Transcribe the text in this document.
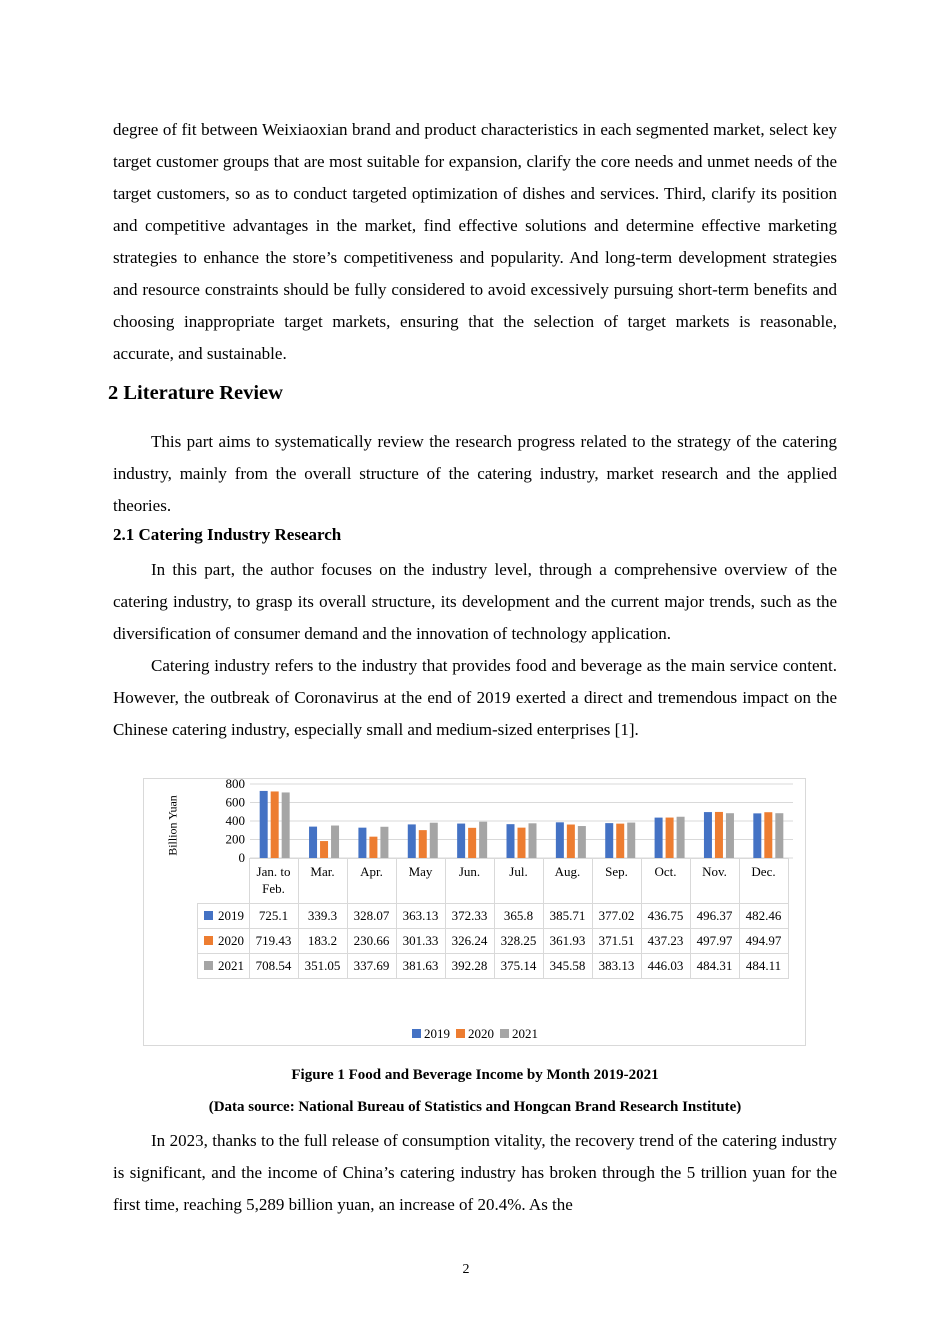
degree of fit between Weixiaoxian brand and product characteristics in each segmented market, select key target customer groups that are most suitable for expansion, clarify the core needs and unmet needs of the target customers, so as to conduct targeted optimization of dishes and services. Third, clarify its position and competitive advantages in the market, find effective solutions and determine effective marketing strategies to enhance the store’s competitiveness and popularity. And long-term development strategies and resource constraints should be fully considered to avoid excessively pursuing short-term benefits and choosing inappropriate target markets, ensuring that the selection of target markets is reasonable, accurate, and sustainable.

2 Literature Review

This part aims to systematically review the research progress related to the strategy of the catering industry, mainly from the overall structure of the catering industry, market research and the applied theories.

2.1 Catering Industry Research

In this part, the author focuses on the industry level, through a comprehensive overview of the catering industry, to grasp its overall structure, its development and the current major trends, such as the diversification of consumer demand and the innovation of technology application.

Catering industry refers to the industry that provides food and beverage as the main service content. However, the outbreak of Coronavirus at the end of 2019 exerted a direct and tremendous impact on the Chinese catering industry, especially small and medium-sized enterprises [1].

0
200
400
600
800
Billion Yuan
	Jan. to
Feb.	Mar.	Apr.	May	Jun.	Jul.	Aug.	Sep.	Oct.	Nov.	Dec.
2019	725.1	339.3	328.07	363.13	372.33	365.8	385.71	377.02	436.75	496.37	482.46
2020	719.43	183.2	230.66	301.33	326.24	328.25	361.93	371.51	437.23	497.97	494.97
2021	708.54	351.05	337.69	381.63	392.28	375.14	345.58	383.13	446.03	484.31	484.11
2019 2020 2021

Figure 1 Food and Beverage Income by Month 2019-2021

(Data source: National Bureau of Statistics and Hongcan Brand Research Institute)

In 2023, thanks to the full release of consumption vitality, the recovery trend of the catering industry is significant, and the income of China’s catering industry has broken through the 5 trillion yuan for the first time, reaching 5,289 billion yuan, an increase of 20.4%. As the

2
